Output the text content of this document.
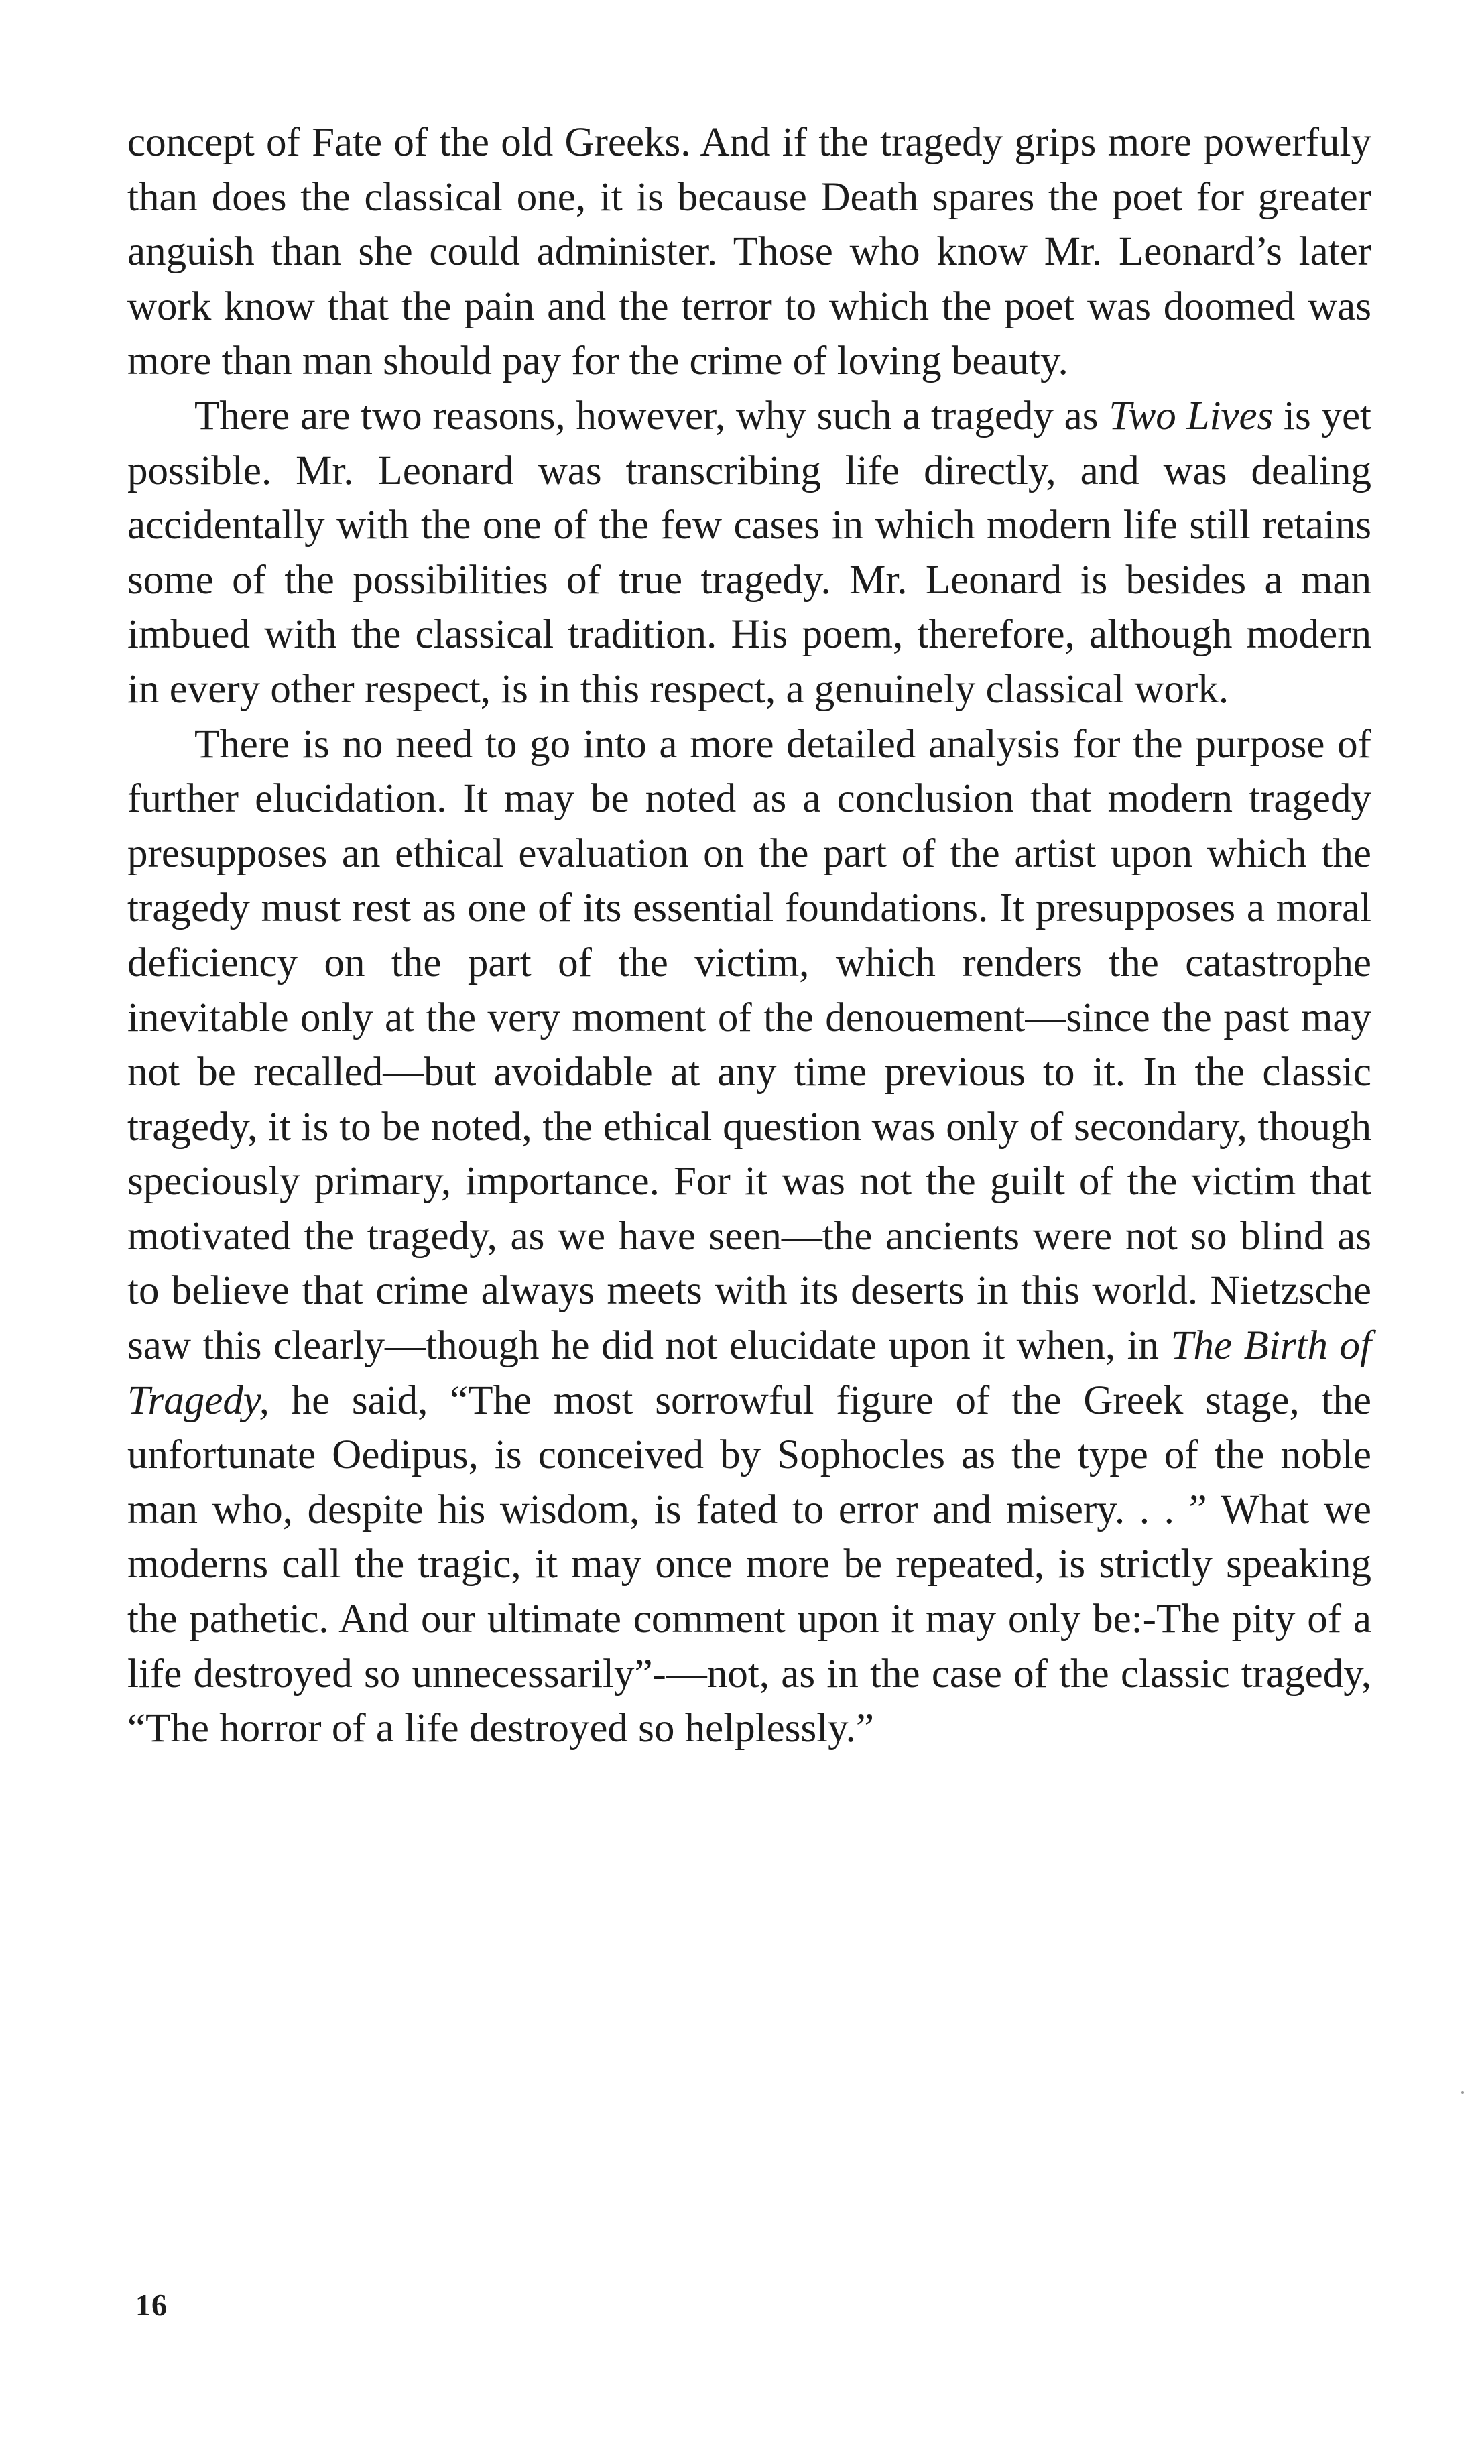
concept of Fate of the old Greeks. And if the tragedy grips more powerfuly than does the classical one, it is because Death spares the poet for greater anguish than she could administer. Those who know Mr. Leonard’s later work know that the pain and the terror to which the poet was doomed was more than man should pay for the crime of loving beauty.

There are two reasons, however, why such a tragedy as Two Lives is yet possible. Mr. Leonard was transcribing life directly, and was dealing accidentally with the one of the few cases in which modern life still retains some of the possibilities of true tragedy. Mr. Leonard is besides a man imbued with the classical tradition. His poem, therefore, although modern in every other respect, is in this respect, a genuinely classical work.

There is no need to go into a more detailed analysis for the purpose of further elucidation. It may be noted as a conclusion that modern tragedy presupposes an ethical evaluation on the part of the artist upon which the tragedy must rest as one of its essential foundations. It presupposes a moral deficiency on the part of the victim, which renders the catastrophe inevitable only at the very moment of the denouement—since the past may not be recalled—but avoidable at any time previous to it. In the classic tragedy, it is to be noted, the ethical question was only of secondary, though speciously primary, importance. For it was not the guilt of the victim that motivated the tragedy, as we have seen—the ancients were not so blind as to believe that crime always meets with its deserts in this world. Nietzsche saw this clearly—though he did not elucidate upon it when, in The Birth of Tragedy, he said, “The most sorrowful figure of the Greek stage, the unfortunate Oedipus, is conceived by Sophocles as the type of the noble man who, despite his wisdom, is fated to error and misery. . . ” What we moderns call the tragic, it may once more be repeated, is strictly speaking the pathetic. And our ultimate comment upon it may only be:-The pity of a life destroyed so unnecessarily”-—not, as in the case of the classic tragedy, “The horror of a life destroyed so helplessly.”

16
